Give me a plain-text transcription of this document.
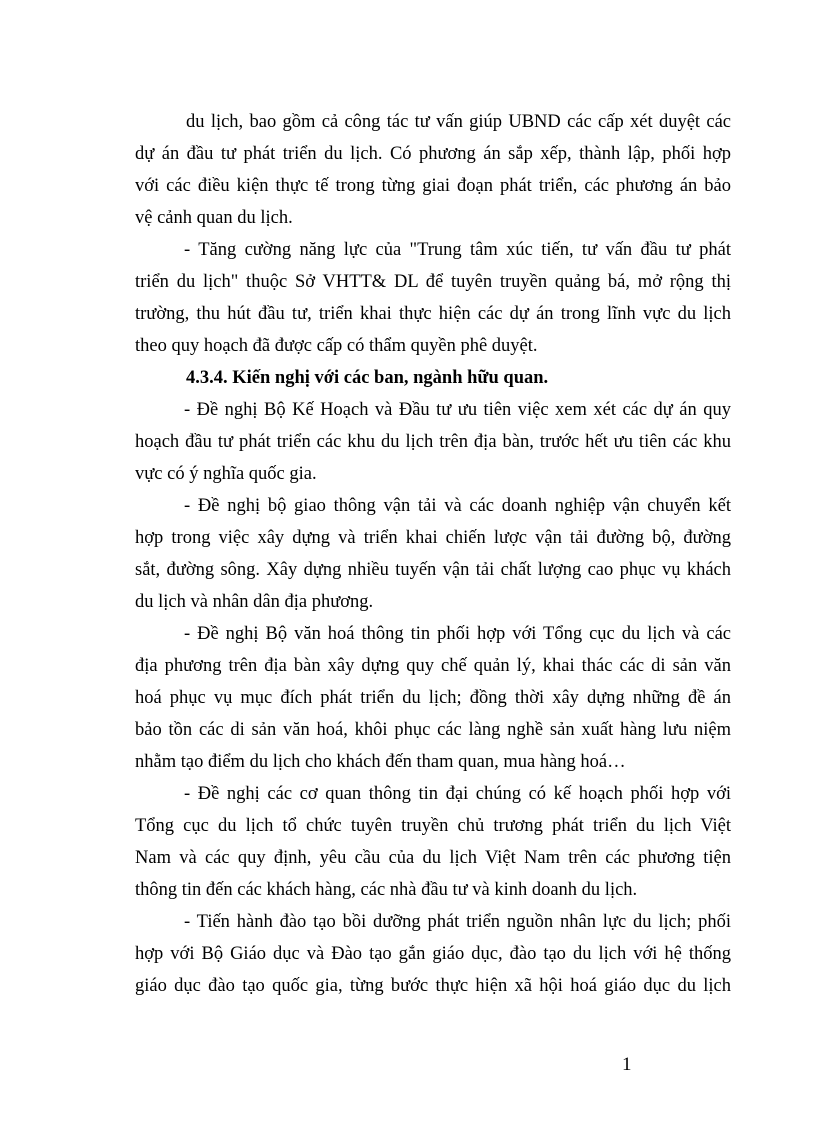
du lịch, bao gồm cả công tác tư vấn giúp UBND các cấp xét duyệt các
dự án đầu tư phát triển du lịch. Có phương án sắp xếp, thành lập, phối hợp
với các điều kiện thực tế trong từng giai đoạn phát triển, các phương án bảo
vệ cảnh quan du lịch.
- Tăng cường năng lực của "Trung tâm xúc tiến, tư vấn đầu tư phát
triển du lịch" thuộc Sở VHTT& DL để tuyên truyền quảng bá, mở rộng thị
trường, thu hút đầu tư, triển khai thực hiện các dự án trong lĩnh vực du lịch
theo quy hoạch đã được cấp có thẩm quyền phê duyệt.
4.3.4. Kiến nghị với các ban, ngành hữu quan.
- Đề nghị Bộ Kế Hoạch và Đầu tư ưu tiên việc xem xét các dự án quy
hoạch đầu tư phát triển các khu du lịch trên địa bàn, trước hết ưu tiên các khu
vực có ý nghĩa quốc gia.
- Đề nghị bộ giao thông vận tải và các doanh nghiệp vận chuyển kết
hợp trong việc xây dựng và triển khai chiến lược vận tải đường bộ, đường
sắt, đường sông. Xây dựng nhiều tuyến vận tải chất lượng cao phục vụ khách
du lịch và nhân dân địa phương.
- Đề nghị Bộ văn hoá thông tin phối hợp với Tổng cục du lịch và các
địa phương trên địa bàn xây dựng quy chế quản lý, khai thác các di sản văn
hoá phục vụ mục đích phát triển du lịch; đồng thời xây dựng những đề án
bảo tồn các di sản văn hoá, khôi phục các làng nghề sản xuất hàng lưu niệm
nhằm tạo điểm du lịch cho khách đến tham quan, mua hàng hoá…
- Đề nghị các cơ quan thông tin đại chúng có kế hoạch phối hợp với
Tổng cục du lịch tổ chức tuyên truyền chủ trương phát triển du lịch Việt
Nam và các quy định, yêu cầu của du lịch Việt Nam trên các phương tiện
thông tin đến các khách hàng, các nhà đầu tư và kinh doanh du lịch.
- Tiến hành đào tạo bồi dưỡng phát triển nguồn nhân lực du lịch; phối
hợp với Bộ Giáo dục và Đào tạo gắn giáo dục, đào tạo du lịch với hệ thống
giáo dục đào tạo quốc gia, từng bước thực hiện xã hội hoá giáo dục du lịch
1
